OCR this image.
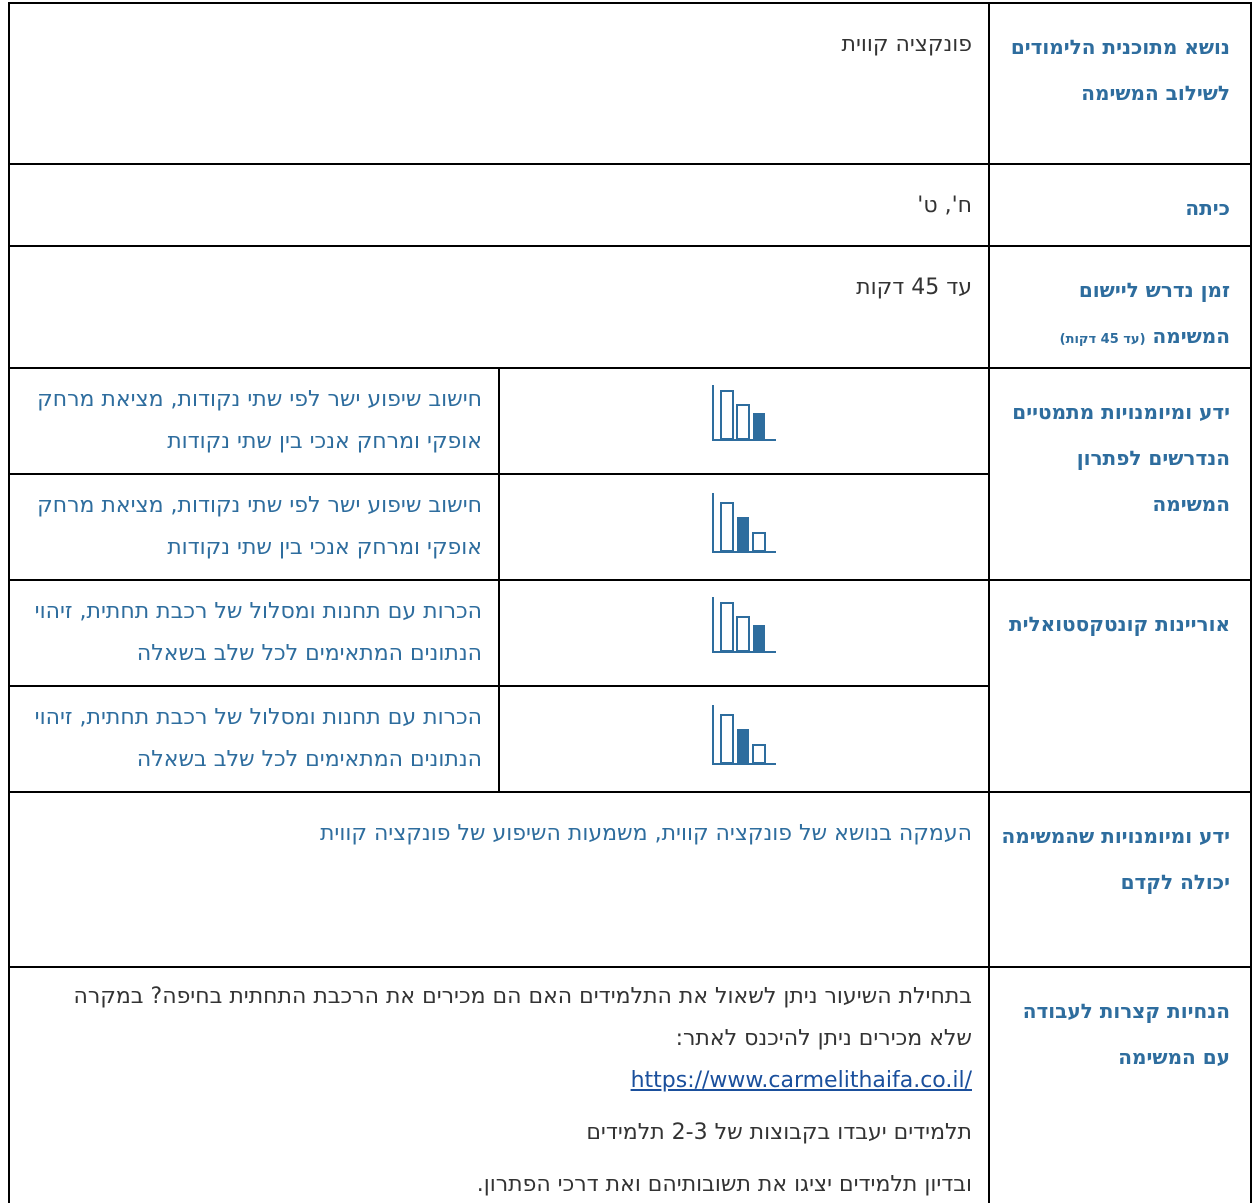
נושא מתוכנית הלימודים לשילוב המשימה	פונקציה קווית	
כיתה	ח', ט'	
זמן נדרש ליישום המשימה (עד 45 דקות)	עד 45 דקות	
ידע ומיומנויות מתמטיים הנדרשים לפתרון המשימה		חישוב שיפוע ישר לפי שתי נקודות, מציאת מרחק אופקי ומרחק אנכי בין שתי נקודות

	חישוב שיפוע ישר לפי שתי נקודות, מציאת מרחק אופקי ומרחק אנכי בין שתי נקודות
אוריינות קונטקסטואלית		הכרות עם תחנות ומסלול של רכבת תחתית, זיהוי הנתונים המתאימים לכל שלב בשאלה

	הכרות עם תחנות ומסלול של רכבת תחתית, זיהוי הנתונים המתאימים לכל שלב בשאלה
ידע ומיומנויות שהמשימה יכולה לקדם	העמקה בנושא של פונקציה קווית, משמעות השיפוע של פונקציה קווית	
הנחיות קצרות לעבודה עם המשימה	בתחילת השיעור ניתן לשאול את התלמידים האם הם מכירים את הרכבת התחתית בחיפה? במקרה שלא מכירים ניתן להיכנס לאתר:

https://www.carmelithaifa.co.il/

תלמידים יעבדו בקבוצות של 2-3 תלמידים

ובדיון תלמידים יציגו את תשובותיהם ואת דרכי הפתרון.	
